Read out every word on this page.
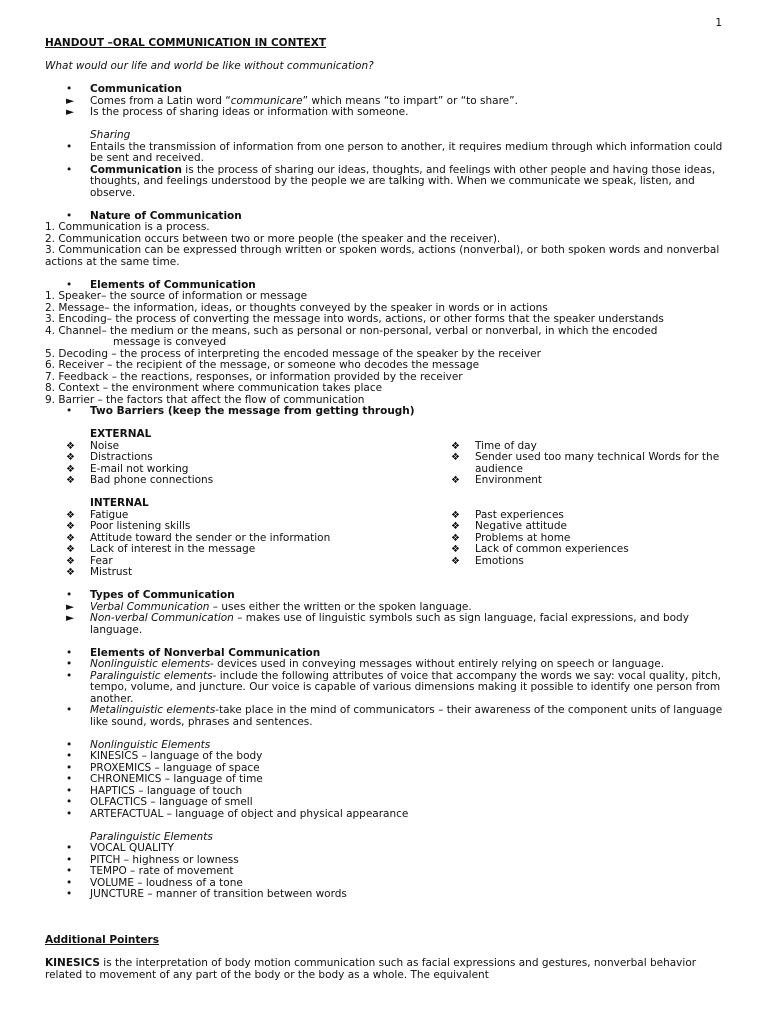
1

HANDOUT –ORAL COMMUNICATION IN CONTEXT

What would our life and world be like without communication?

•	Communication
►	Comes from a Latin word “communicare” which means “to impart” or “to share”.
►	Is the process of sharing ideas or information with someone.
Sharing
•	Entails the transmission of information from one person to another, it requires medium through which information could be sent and received.
•	Communication is the process of sharing our ideas, thoughts, and feelings with other people and having those ideas, thoughts, and feelings understood by the people we are talking with. When we communicate we speak, listen, and observe.
•	Nature of Communication

1. Communication is a process.

2. Communication occurs between two or more people (the speaker and the receiver).

3. Communication can be expressed through written or spoken words, actions (nonverbal), or both spoken words and nonverbal actions at the same time.

•	Elements of Communication

1. Speaker– the source of information or message

2. Message– the information, ideas, or thoughts conveyed by the speaker in words or in actions

3. Encoding– the process of converting the message into words, actions, or other forms that the speaker understands

4. Channel– the medium or the means, such as personal or non-personal, verbal or nonverbal, in which the encoded

message is conveyed

5. Decoding – the process of interpreting the encoded message of the speaker by the receiver

6. Receiver – the recipient of the message, or someone who decodes the message

7. Feedback – the reactions, responses, or information provided by the receiver

8. Context – the environment where communication takes place

9. Barrier – the factors that affect the flow of communication

•	Two Barriers (keep the message from getting through)
EXTERNAL
❖	Noise
❖	Distractions
❖	E-mail not working
❖	Bad phone connections
❖	Time of day
❖	Sender used too many technical Words for the audience
❖	Environment
INTERNAL
❖	Fatigue
❖	Poor listening skills
❖	Attitude toward the sender or the information
❖	Lack of interest in the message
❖	Fear
❖	Mistrust
❖	Past experiences
❖	Negative attitude
❖	Problems at home
❖	Lack of common experiences
❖	Emotions
•	Types of Communication
►	Verbal Communication – uses either the written or the spoken language.
►	Non-verbal Communication – makes use of linguistic symbols such as sign language, facial expressions, and body language.
•	Elements of Nonverbal Communication
•	Nonlinguistic elements- devices used in conveying messages without entirely relying on speech or language.
•	Paralinguistic elements- include the following attributes of voice that accompany the words we say: vocal quality, pitch, tempo, volume, and juncture. Our voice is capable of various dimensions making it possible to identify one person from another.
•	Metalinguistic elements-take place in the mind of communicators – their awareness of the component units of language like sound, words, phrases and sentences.
•	Nonlinguistic Elements
•	KINESICS – language of the body
•	PROXEMICS – language of space
•	CHRONEMICS – language of time
•	HAPTICS – language of touch
•	OLFACTICS – language of smell
•	ARTEFACTUAL – language of object and physical appearance
Paralinguistic Elements
•	VOCAL QUALITY
•	PITCH – highness or lowness
•	TEMPO – rate of movement
•	VOLUME – loudness of a tone
•	JUNCTURE – manner of transition between words

Additional Pointers

KINESICS is the interpretation of body motion communication such as facial expressions and gestures, nonverbal behavior related to movement of any part of the body or the body as a whole. The equivalent
